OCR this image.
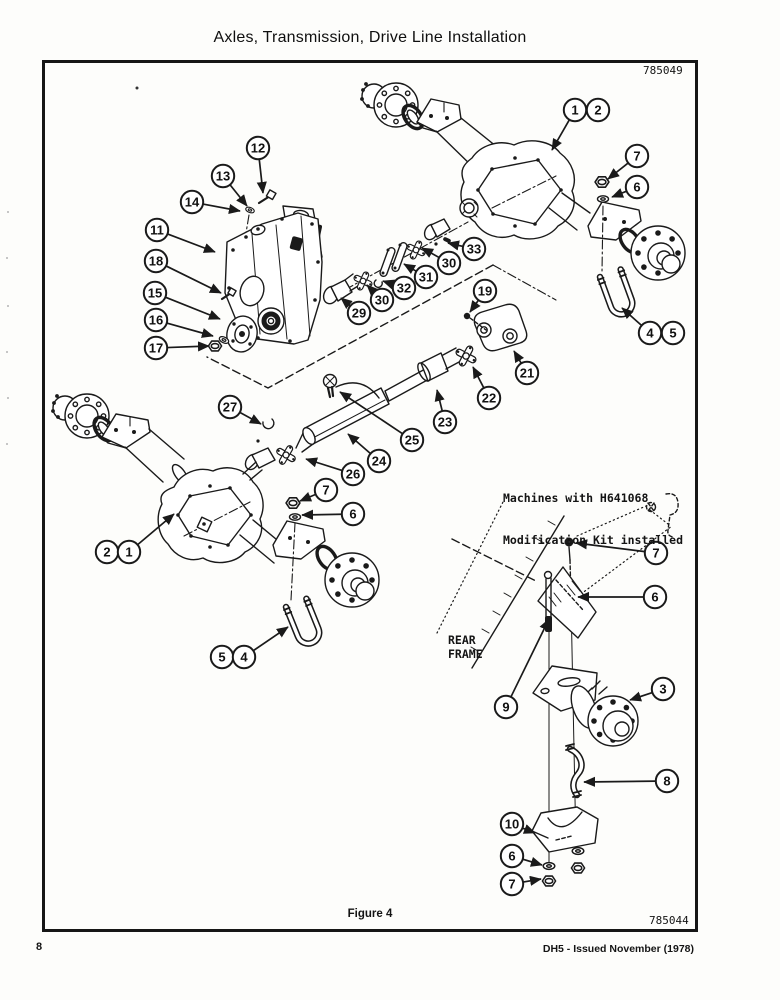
Axles, Transmission, Drive Line Installation
1 2
7
6
4 5
12
13
14
11
18
15
16
17
29
30
32
31
30
33
19
21
22
23
25
24
26
27
2 1
7
6
5 4
7
6
9
3
8
10
6
7
785049

Machines with H641068

Modification Kit installed

REAR
FRAME
Figure 4	785044
8	DH5 - Issued November (1978)
